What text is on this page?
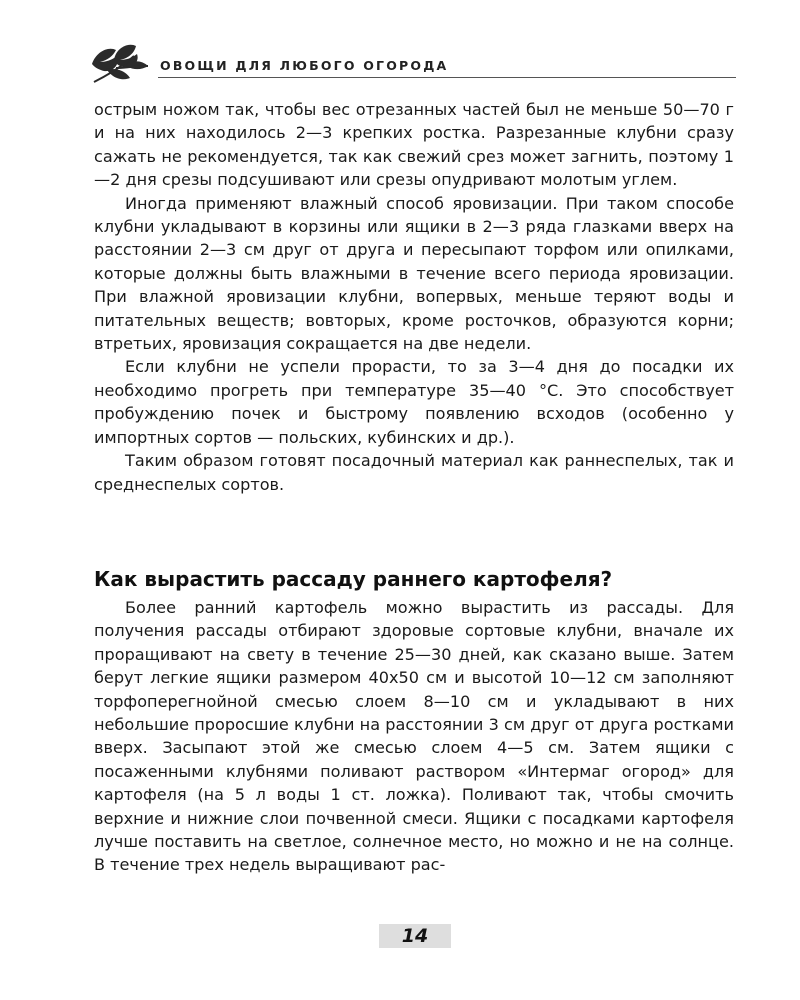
ОВОЩИ ДЛЯ ЛЮБОГО ОГОРОДА

острым ножом так, чтобы вес отрезанных частей был не меньше 50—70 г и на них находилось 2—3 крепких ростка. Разрезанные клубни сразу сажать не рекомендуется, так как свежий срез может загнить, поэтому 1—2 дня срезы подсушивают или срезы опудривают молотым углем.

Иногда применяют влажный способ яровизации. При таком способе клубни укладывают в корзины или ящики в 2—3 ряда глазками вверх на расстоянии 2—3 см друг от друга и пересыпают торфом или опилками, которые должны быть влажными в течение всего периода яровизации. При влажной яровизации клубни, вопервых, меньше теряют воды и питательных веществ; вовторых, кроме росточков, образуются корни; втретьих, яровизация сокращается на две недели.

Если клубни не успели прорасти, то за 3—4 дня до посадки их необходимо прогреть при температуре 35—40 °С. Это способствует пробуждению почек и быстрому появлению всходов (особенно у импортных сортов — польских, кубинских и др.).

Таким образом готовят посадочный материал как раннеспелых, так и среднеспелых сортов.

Как вырастить рассаду раннего картофеля?

Более ранний картофель можно вырастить из рассады. Для получения рассады отбирают здоровые сортовые клубни, вначале их проращивают на свету в течение 25—30 дней, как сказано выше. Затем берут легкие ящики размером 40x50 см и высотой 10—12 см заполняют торфоперегнойной смесью слоем 8—10 см и укладывают в них небольшие проросшие клубни на расстоянии 3 см друг от друга ростками вверх. Засыпают этой же смесью слоем 4—5 см. Затем ящики с посаженными клубнями поливают раствором «Интермаг огород» для картофеля (на 5 л воды 1 ст. ложка). Поливают так, чтобы смочить верхние и нижние слои почвенной смеси. Ящики с посадками картофеля лучше поставить на светлое, солнечное место, но можно и не на солнце. В течение трех недель выращивают рас-

14
